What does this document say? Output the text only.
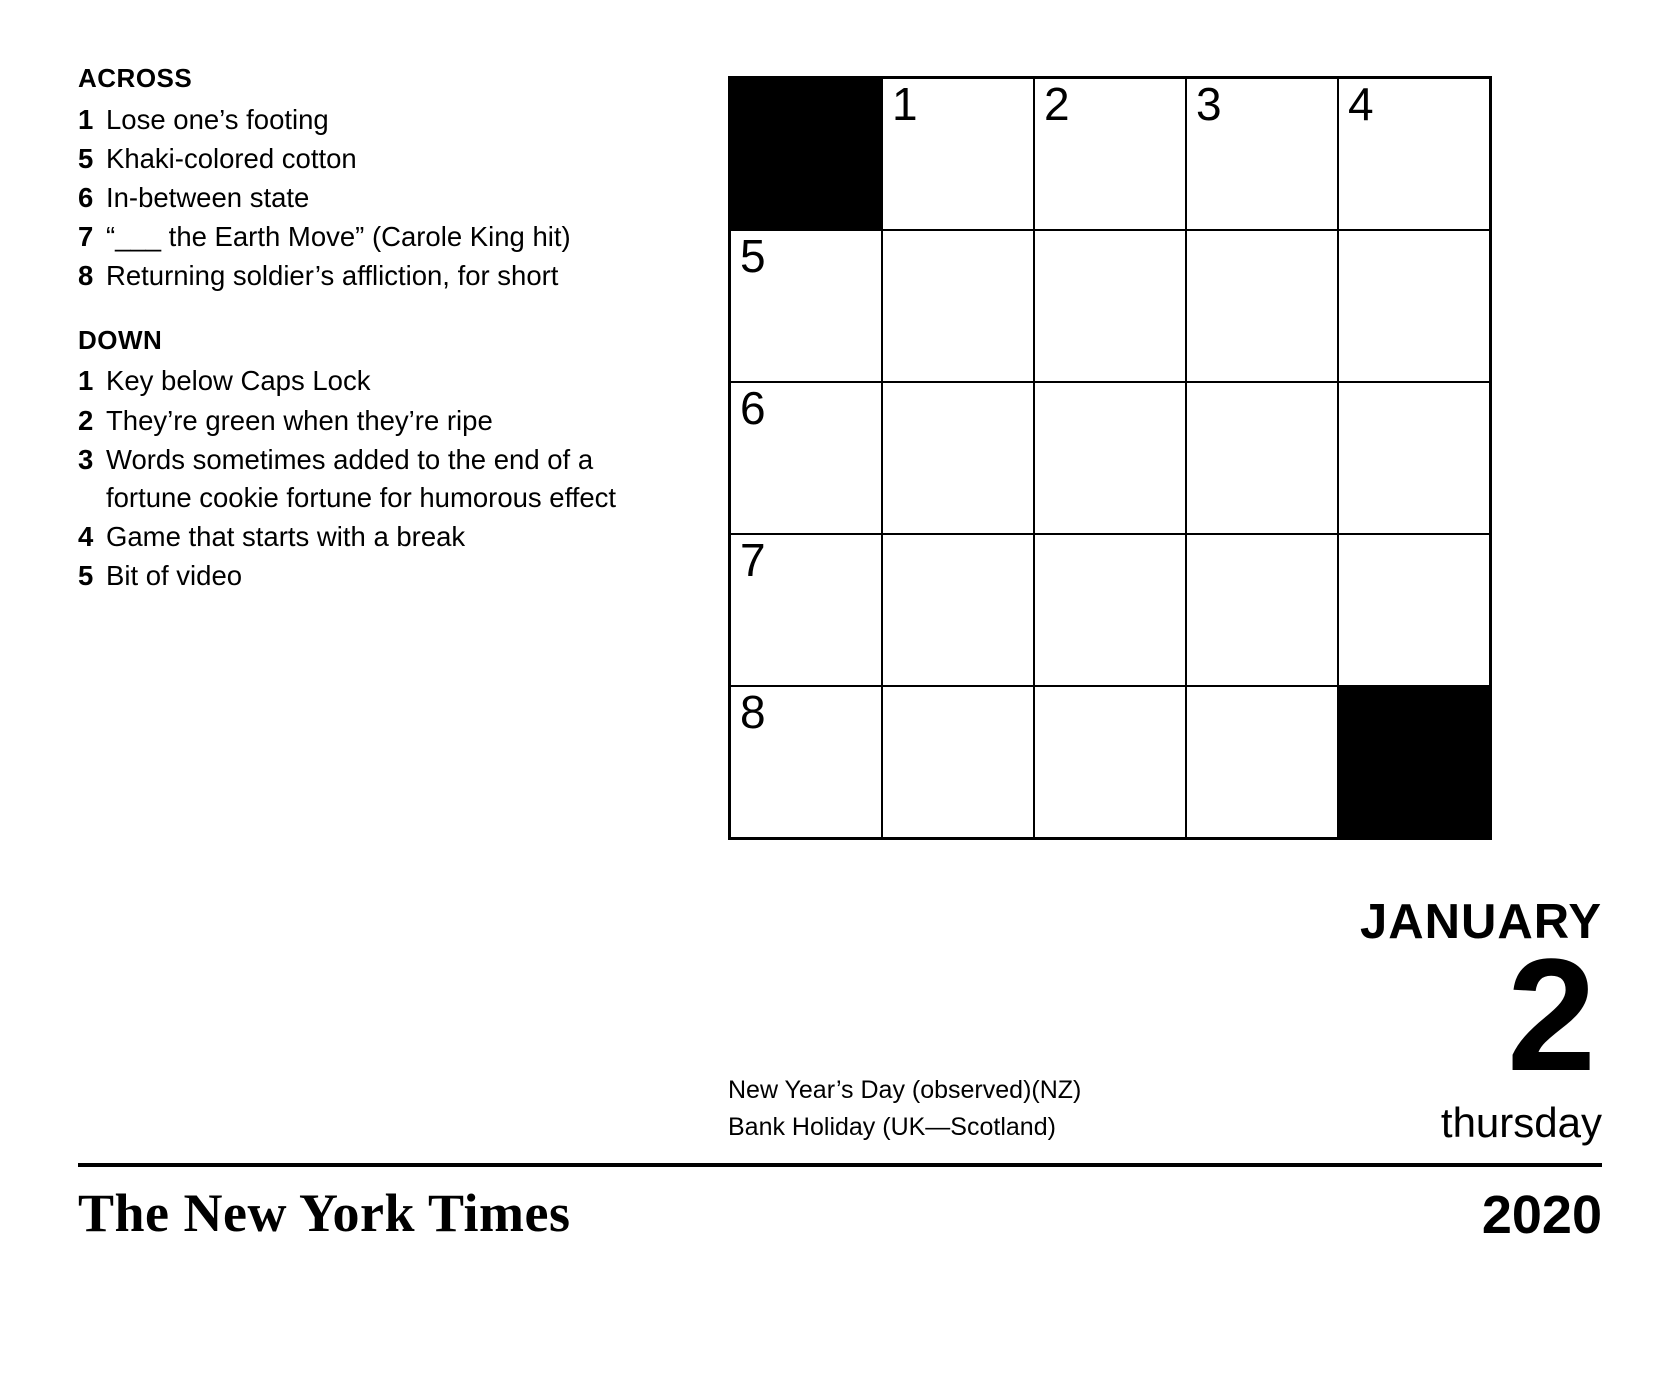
ACROSS
1 Lose one’s footing
5 Khaki-colored cotton
6 In-between state
7 “___ the Earth Move” (Carole King hit)
8 Returning soldier’s affliction, for short
DOWN
1 Key below Caps Lock
2 They’re green when they’re ripe
3 Words sometimes added to the end of a fortune cookie fortune for humorous effect
4 Game that starts with a break
5 Bit of video

	1	2	3	4

5				

6				

7				

8				

JANUARY
2
thursday
New Year’s Day (observed)(NZ)
Bank Holiday (UK—Scotland)
The New York Times	2020
